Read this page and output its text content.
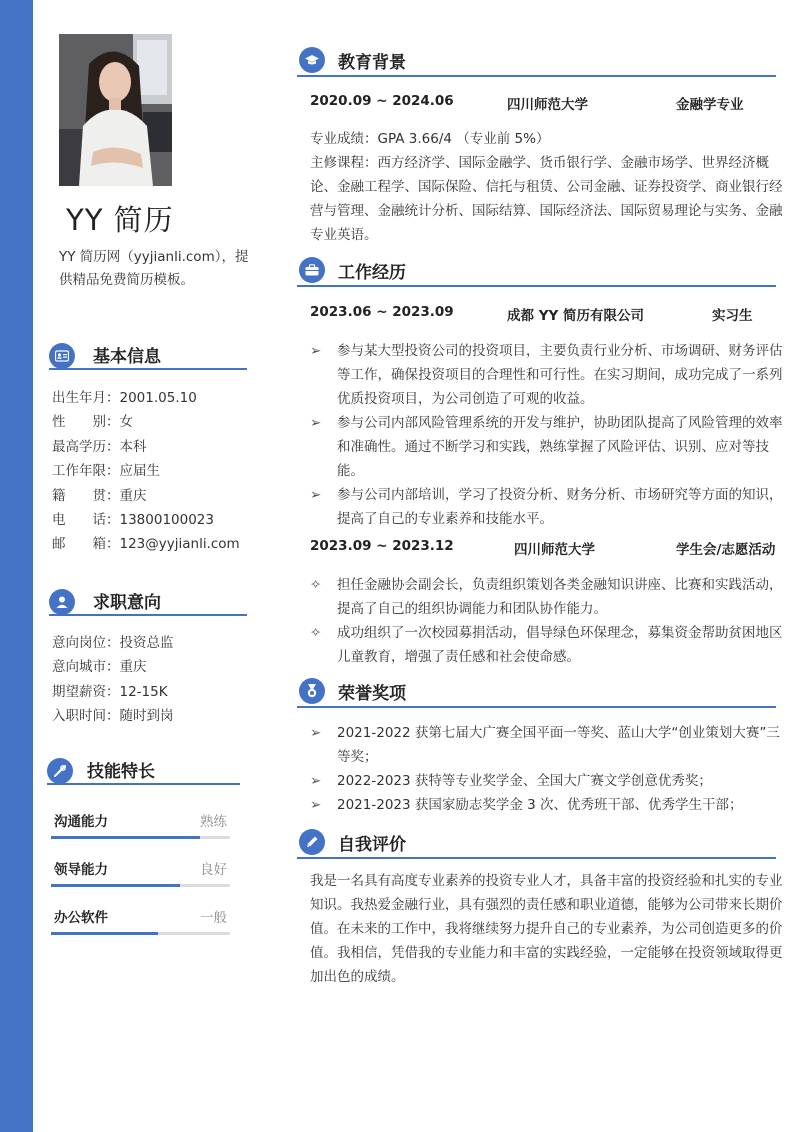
YY 简历
YY 简历网（yyjianli.com），提供精品免费简历模板。
基本信息
出生年月：2001.05.10
性　　别：女
最高学历：本科
工作年限：应届生
籍　　贯：重庆
电　　话：13800100023
邮　　箱：123@yyjianli.com
求职意向
意向岗位：投资总监
意向城市：重庆
期望薪资：12-15K
入职时间：随时到岗
技能特长
沟通能力	熟练
领导能力	良好
办公软件	一般
教育背景
2020.09 ~ 2024.06	四川师范大学	金融学专业
专业成绩：GPA 3.66/4 （专业前 5%）
主修课程：西方经济学、国际金融学、货币银行学、金融市场学、世界经济概论、金融工程学、国际保险、信托与租赁、公司金融、证券投资学、商业银行经营与管理、金融统计分析、国际结算、国际经济法、国际贸易理论与实务、金融专业英语。
工作经历
2023.06 ~ 2023.09	成都 YY 简历有限公司	实习生
➢	参与某大型投资公司的投资项目，主要负责行业分析、市场调研、财务评估等工作，确保投资项目的合理性和可行性。在实习期间，成功完成了一系列优质投资项目，为公司创造了可观的收益。
➢	参与公司内部风险管理系统的开发与维护，协助团队提高了风险管理的效率和准确性。通过不断学习和实践，熟练掌握了风险评估、识别、应对等技能。
➢	参与公司内部培训，学习了投资分析、财务分析、市场研究等方面的知识，提高了自己的专业素养和技能水平。
2023.09 ~ 2023.12	四川师范大学	学生会/志愿活动
✧	担任金融协会副会长，负责组织策划各类金融知识讲座、比赛和实践活动，提高了自己的组织协调能力和团队协作能力。
✧	成功组织了一次校园募捐活动，倡导绿色环保理念，募集资金帮助贫困地区儿童教育，增强了责任感和社会使命感。
荣誉奖项
➢	2021-2022 获第七届大广赛全国平面一等奖、蓝山大学“创业策划大赛”三等奖；
➢	2022-2023 获特等专业奖学金、全国大广赛文学创意优秀奖；
➢	2021-2023 获国家励志奖学金 3 次、优秀班干部、优秀学生干部；
自我评价
我是一名具有高度专业素养的投资专业人才，具备丰富的投资经验和扎实的专业知识。我热爱金融行业，具有强烈的责任感和职业道德，能够为公司带来长期价值。在未来的工作中，我将继续努力提升自己的专业素养，为公司创造更多的价值。我相信，凭借我的专业能力和丰富的实践经验，一定能够在投资领域取得更加出色的成绩。
